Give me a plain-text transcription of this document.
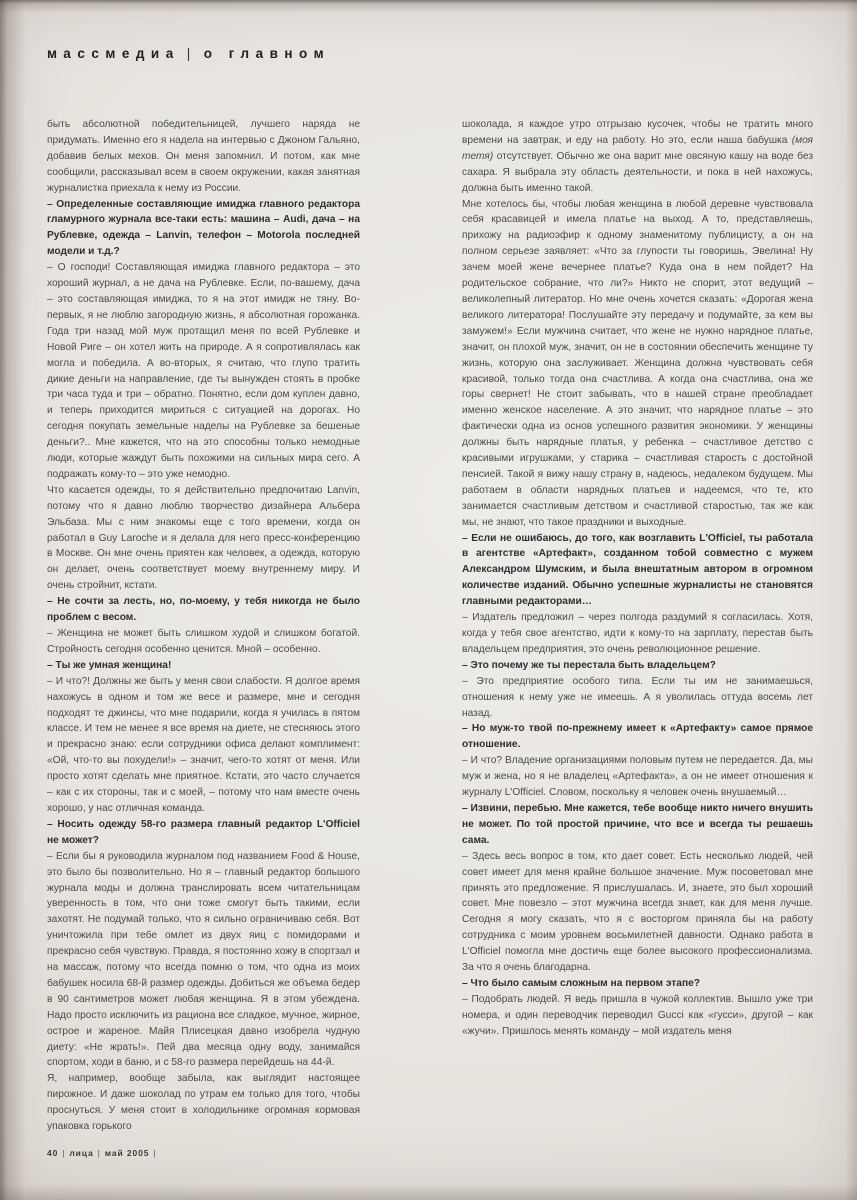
массмедиа | о главном

быть абсолютной победительницей, лучшего наряда не придумать. Именно его я надела на интервью с Джоном Гальяно, добавив белых мехов. Он меня запомнил. И потом, как мне сообщили, рассказывал всем в своем окружении, какая занятная журналистка приехала к нему из России.

– Определенные составляющие имиджа главного редактора гламурного журнала все-таки есть: машина – Audi, дача – на Рублевке, одежда – Lanvin, телефон – Motorola последней модели и т.д.?

– О господи! Составляющая имиджа главного редактора – это хороший журнал, а не дача на Рублевке. Если, по-вашему, дача – это составляющая имиджа, то я на этот имидж не тяну. Во-первых, я не люблю загородную жизнь, я абсолютная горожанка. Года три назад мой муж протащил меня по всей Рублевке и Новой Риге – он хотел жить на природе. А я сопротивлялась как могла и победила. А во-вторых, я считаю, что глупо тратить дикие деньги на направление, где ты вынужден стоять в пробке три часа туда и три – обратно. Понятно, если дом куплен давно, и теперь приходится мириться с ситуацией на дорогах. Но сегодня покупать земельные наделы на Рублевке за бешеные деньги?.. Мне кажется, что на это способны только немодные люди, которые жаждут быть похожими на сильных мира сего. А подражать кому-то – это уже немодно.

Что касается одежды, то я действительно предпочитаю Lanvin, потому что я давно люблю творчество дизайнера Альбера Эльбаза. Мы с ним знакомы еще с того времени, когда он работал в Guy Laroche и я делала для него пресс-конференцию в Москве. Он мне очень приятен как человек, а одежда, которую он делает, очень соответствует моему внутреннему миру. И очень стройнит, кстати.

– Не сочти за лесть, но, по-моему, у тебя никогда не было проблем с весом.

– Женщина не может быть слишком худой и слишком богатой. Стройность сегодня особенно ценится. Мной – особенно.

– Ты же умная женщина!

– И что?! Должны же быть у меня свои слабости. Я долгое время нахожусь в одном и том же весе и размере, мне и сегодня подходят те джинсы, что мне подарили, когда я училась в пятом классе. И тем не менее я все время на диете, не стесняюсь этого и прекрасно знаю: если сотрудники офиса делают комплимент: «Ой, что-то вы похудели!» – значит, чего-то хотят от меня. Или просто хотят сделать мне приятное. Кстати, это часто случается – как с их стороны, так и с моей, – потому что нам вместе очень хорошо, у нас отличная команда.

– Носить одежду 58-го размера главный редактор L'Officiel не может?

– Если бы я руководила журналом под названием Food & House, это было бы позволительно. Но я – главный редактор большого журнала моды и должна транслировать всем читательницам уверенность в том, что они тоже смогут быть такими, если захотят. Не подумай только, что я сильно ограничиваю себя. Вот уничтожила при тебе омлет из двух яиц с помидорами и прекрасно себя чувствую. Правда, я постоянно хожу в спортзал и на массаж, потому что всегда помню о том, что одна из моих бабушек носила 68-й размер одежды. Добиться же объема бедер в 90 сантиметров может любая женщина. Я в этом убеждена. Надо просто исключить из рациона все сладкое, мучное, жирное, острое и жареное. Майя Плисецкая давно изобрела чудную диету: «Не жрать!». Пей два месяца одну воду, занимайся спортом, ходи в баню, и с 58-го размера перейдешь на 44-й.

Я, например, вообще забыла, как выглядит настоящее пирожное. И даже шоколад по утрам ем только для того, чтобы проснуться. У меня стоит в холодильнике огромная кормовая упаковка горького

шоколада, я каждое утро отгрызаю кусочек, чтобы не тратить много времени на завтрак, и еду на работу. Но это, если наша бабушка (моя тетя) отсутствует. Обычно же она варит мне овсяную кашу на воде без сахара. Я выбрала эту область деятельности, и пока в ней нахожусь, должна быть именно такой.

Мне хотелось бы, чтобы любая женщина в любой деревне чувствовала себя красавицей и имела платье на выход. А то, представляешь, прихожу на радиоэфир к одному знаменитому публицисту, а он на полном серьезе заявляет: «Что за глупости ты говоришь, Эвелина! Ну зачем моей жене вечернее платье? Куда она в нем пойдет? На родительское собрание, что ли?» Никто не спорит, этот ведущий – великолепный литератор. Но мне очень хочется сказать: «Дорогая жена великого литератора! Послушайте эту передачу и подумайте, за кем вы замужем!» Если мужчина считает, что жене не нужно нарядное платье, значит, он плохой муж, значит, он не в состоянии обеспечить женщине ту жизнь, которую она заслуживает. Женщина должна чувствовать себя красивой, только тогда она счастлива. А когда она счастлива, она же горы свернет! Не стоит забывать, что в нашей стране преобладает именно женское население. А это значит, что нарядное платье – это фактически одна из основ успешного развития экономики. У женщины должны быть нарядные платья, у ребенка – счастливое детство с красивыми игрушками, у старика – счастливая старость с достойной пенсией. Такой я вижу нашу страну в, надеюсь, недалеком будущем. Мы работаем в области нарядных платьев и надеемся, что те, кто занимается счастливым детством и счастливой старостью, так же как мы, не знают, что такое праздники и выходные.

– Если не ошибаюсь, до того, как возглавить L'Officiel, ты работала в агентстве «Артефакт», созданном тобой совместно с мужем Александром Шумским, и была внештатным автором в огромном количестве изданий. Обычно успешные журналисты не становятся главными редакторами…

– Издатель предложил – через полгода раздумий я согласилась. Хотя, когда у тебя свое агентство, идти к кому-то на зарплату, перестав быть владельцем предприятия, это очень революционное решение.

– Это почему же ты перестала быть владельцем?

– Это предприятие особого типа. Если ты им не занимаешься, отношения к нему уже не имеешь. А я уволилась оттуда восемь лет назад.

– Но муж-то твой по-прежнему имеет к «Артефакту» самое прямое отношение.

– И что? Владение организациями половым путем не передается. Да, мы муж и жена, но я не владелец «Артефакта», а он не имеет отношения к журналу L'Officiel. Словом, поскольку я человек очень внушаемый…

– Извини, перебью. Мне кажется, тебе вообще никто ничего внушить не может. По той простой причине, что все и всегда ты решаешь сама.

– Здесь весь вопрос в том, кто дает совет. Есть несколько людей, чей совет имеет для меня крайне большое значение. Муж посоветовал мне принять это предложение. Я прислушалась. И, знаете, это был хороший совет. Мне повезло – этот мужчина всегда знает, как для меня лучше. Сегодня я могу сказать, что я с восторгом приняла бы на работу сотрудника с моим уровнем восьмилетней давности. Однако работа в L'Officiel помогла мне достичь еще более высокого профессионализма. За что я очень благодарна.

– Что было самым сложным на первом этапе?

– Подобрать людей. Я ведь пришла в чужой коллектив. Вышло уже три номера, и один переводчик переводил Gucci как «гусси», другой – как «жучи». Пришлось менять команду – мой издатель меня

40 | лица | май 2005 |
